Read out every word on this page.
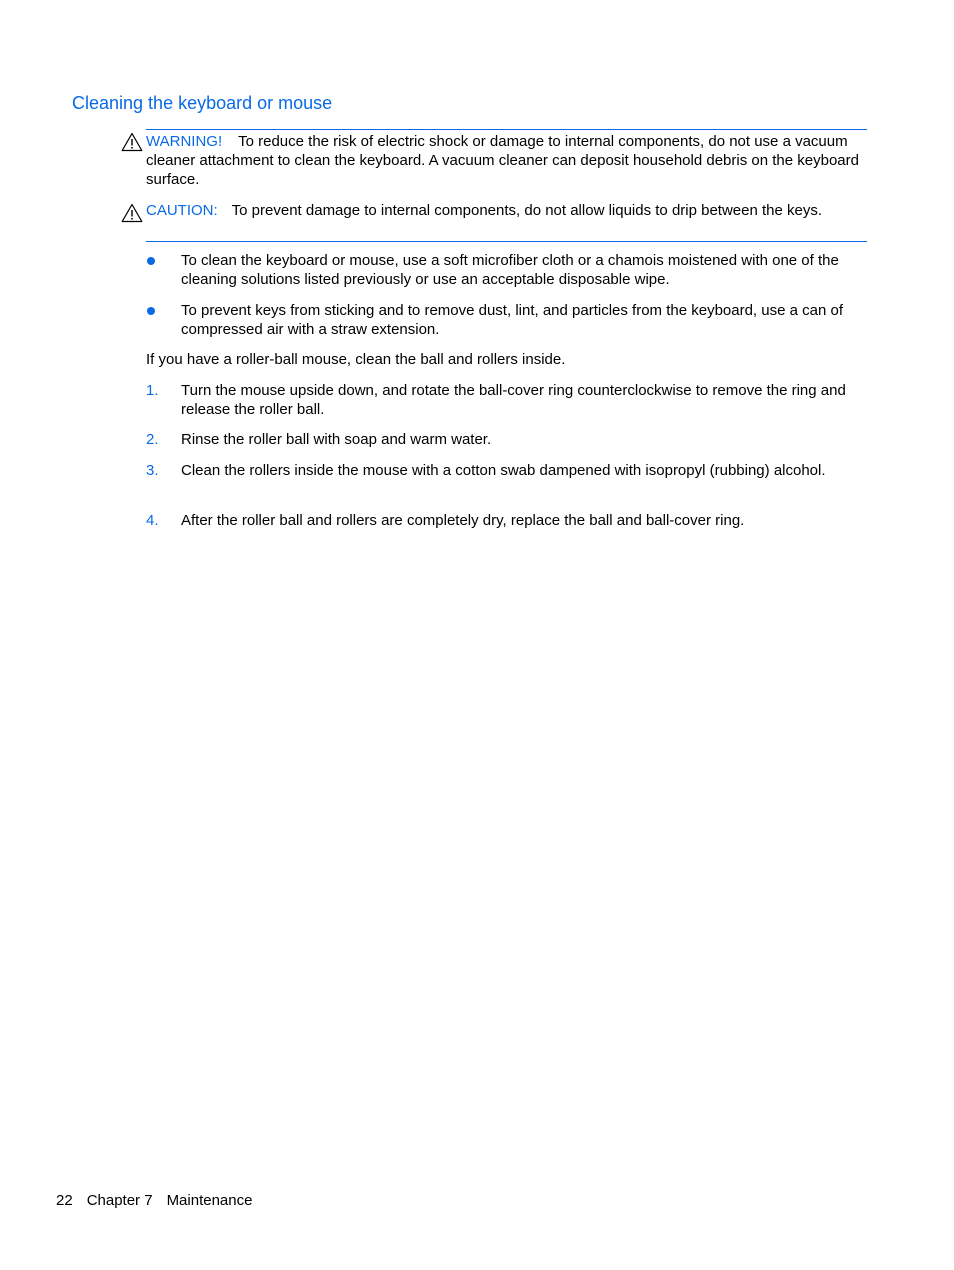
Cleaning the keyboard or mouse
WARNING! To reduce the risk of electric shock or damage to internal components, do not use a vacuum cleaner attachment to clean the keyboard. A vacuum cleaner can deposit household debris on the keyboard surface.
CAUTION: To prevent damage to internal components, do not allow liquids to drip between the keys.
To clean the keyboard or mouse, use a soft microfiber cloth or a chamois moistened with one of the cleaning solutions listed previously or use an acceptable disposable wipe.
To prevent keys from sticking and to remove dust, lint, and particles from the keyboard, use a can of compressed air with a straw extension.
If you have a roller-ball mouse, clean the ball and rollers inside.
1. Turn the mouse upside down, and rotate the ball-cover ring counterclockwise to remove the ring and release the roller ball.
2. Rinse the roller ball with soap and warm water.
3. Clean the rollers inside the mouse with a cotton swab dampened with isopropyl (rubbing) alcohol.
4. After the roller ball and rollers are completely dry, replace the ball and ball-cover ring.
22 Chapter 7 Maintenance
